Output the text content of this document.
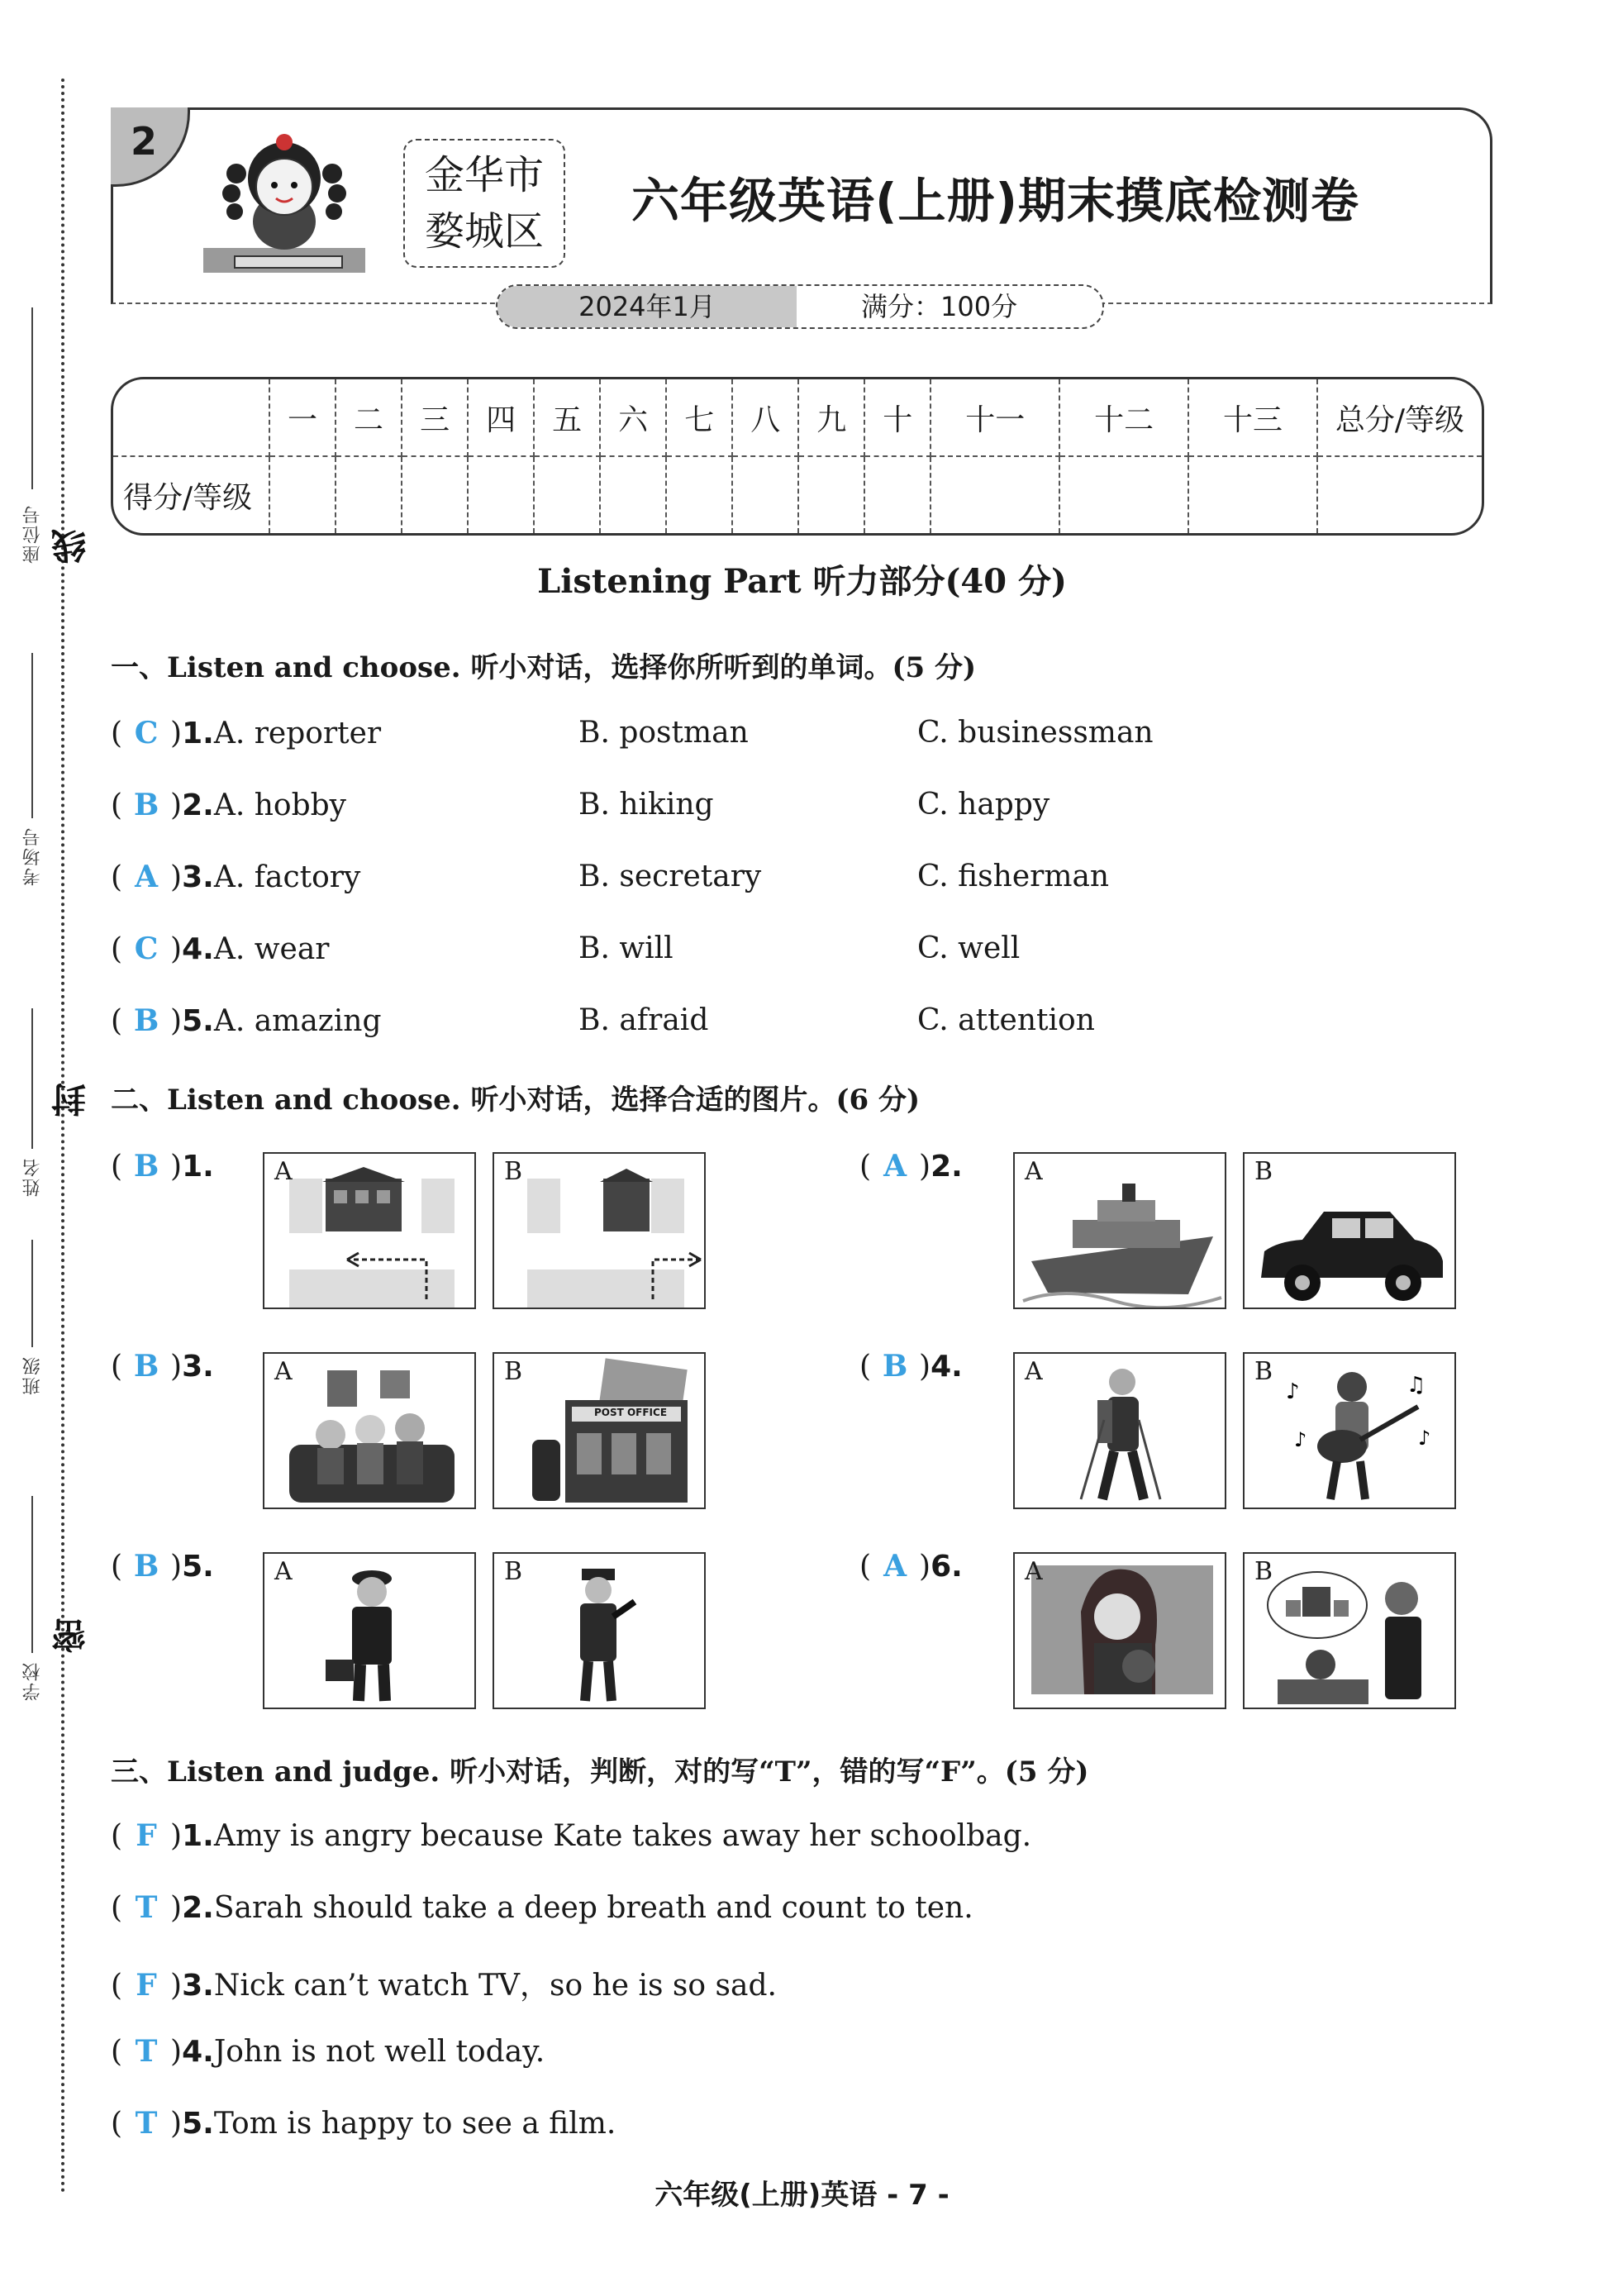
线
封
密
座位号
考场号
姓名
班级
学校
2
金华市
婺城区
六年级英语(上册)期末摸底检测卷
2024年1月	满分：100分
	一	二	三	四	五	六	七	八	九	十	十一	十二	十三	总分/等级
得分/等级														
Listening Part 听力部分(40 分)
一、Listen and choose. 听小对话，选择你所听到的单词。(5 分)
( C )1.A. reporter	B. postman	C. businessman
( B )2.A. hobby	B. hiking	C. happy
( A )3.A. factory	B. secretary	C. fisherman
( C )4.A. wear	B. will	C. well
( B )5.A. amazing	B. afraid	C. attention
二、Listen and choose. 听小对话，选择合适的图片。(6 分)
( B )1. A	B	( A )2.	A	B
( B )3. A	B
POST OFFICE
( B )4.	A
♪	♫
♪	♪
B
( B )5. A	B	( A )6.	A	B
三、Listen and judge. 听小对话，判断，对的写“T”，错的写“F”。(5 分)
( F )1.Amy is angry because Kate takes away her schoolbag.
( T )2.Sarah should take a deep breath and count to ten.
( F )3.Nick can’t watch TV，so he is so sad.
( T )4.John is not well today.
( T )5.Tom is happy to see a film.
六年级(上册)英语 - 7 -
